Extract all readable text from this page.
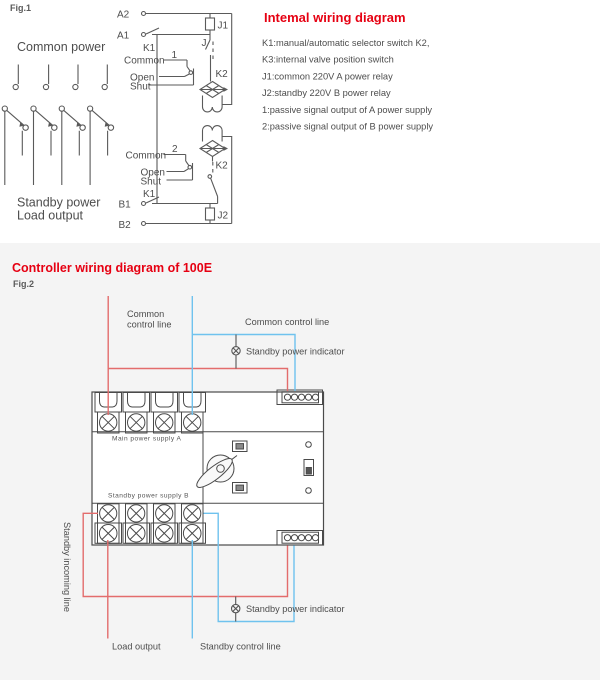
Fig.1
Common power
Standby power
Load output
A2
A1
K1
Common 1
Open
Shut
J
J1
K2
Common
2
Open
Shut
K1
B1
J2
B2
K2
Intemal wiring diagram
K1:manual/automatic selector switch K2,
K3:internal valve position switch
J1:common 220V A power relay
J2:standby 220V B power relay
1:passive signal output of A power supply
2:passive signal output of B power supply
Controller wiring diagram of 100E
Fig.2
Main power supply A
Standby power supply B
Common
control line	Common control line
Standby power indicator
Standby incoming line	Standby power indicator
Load output	Standby control line
